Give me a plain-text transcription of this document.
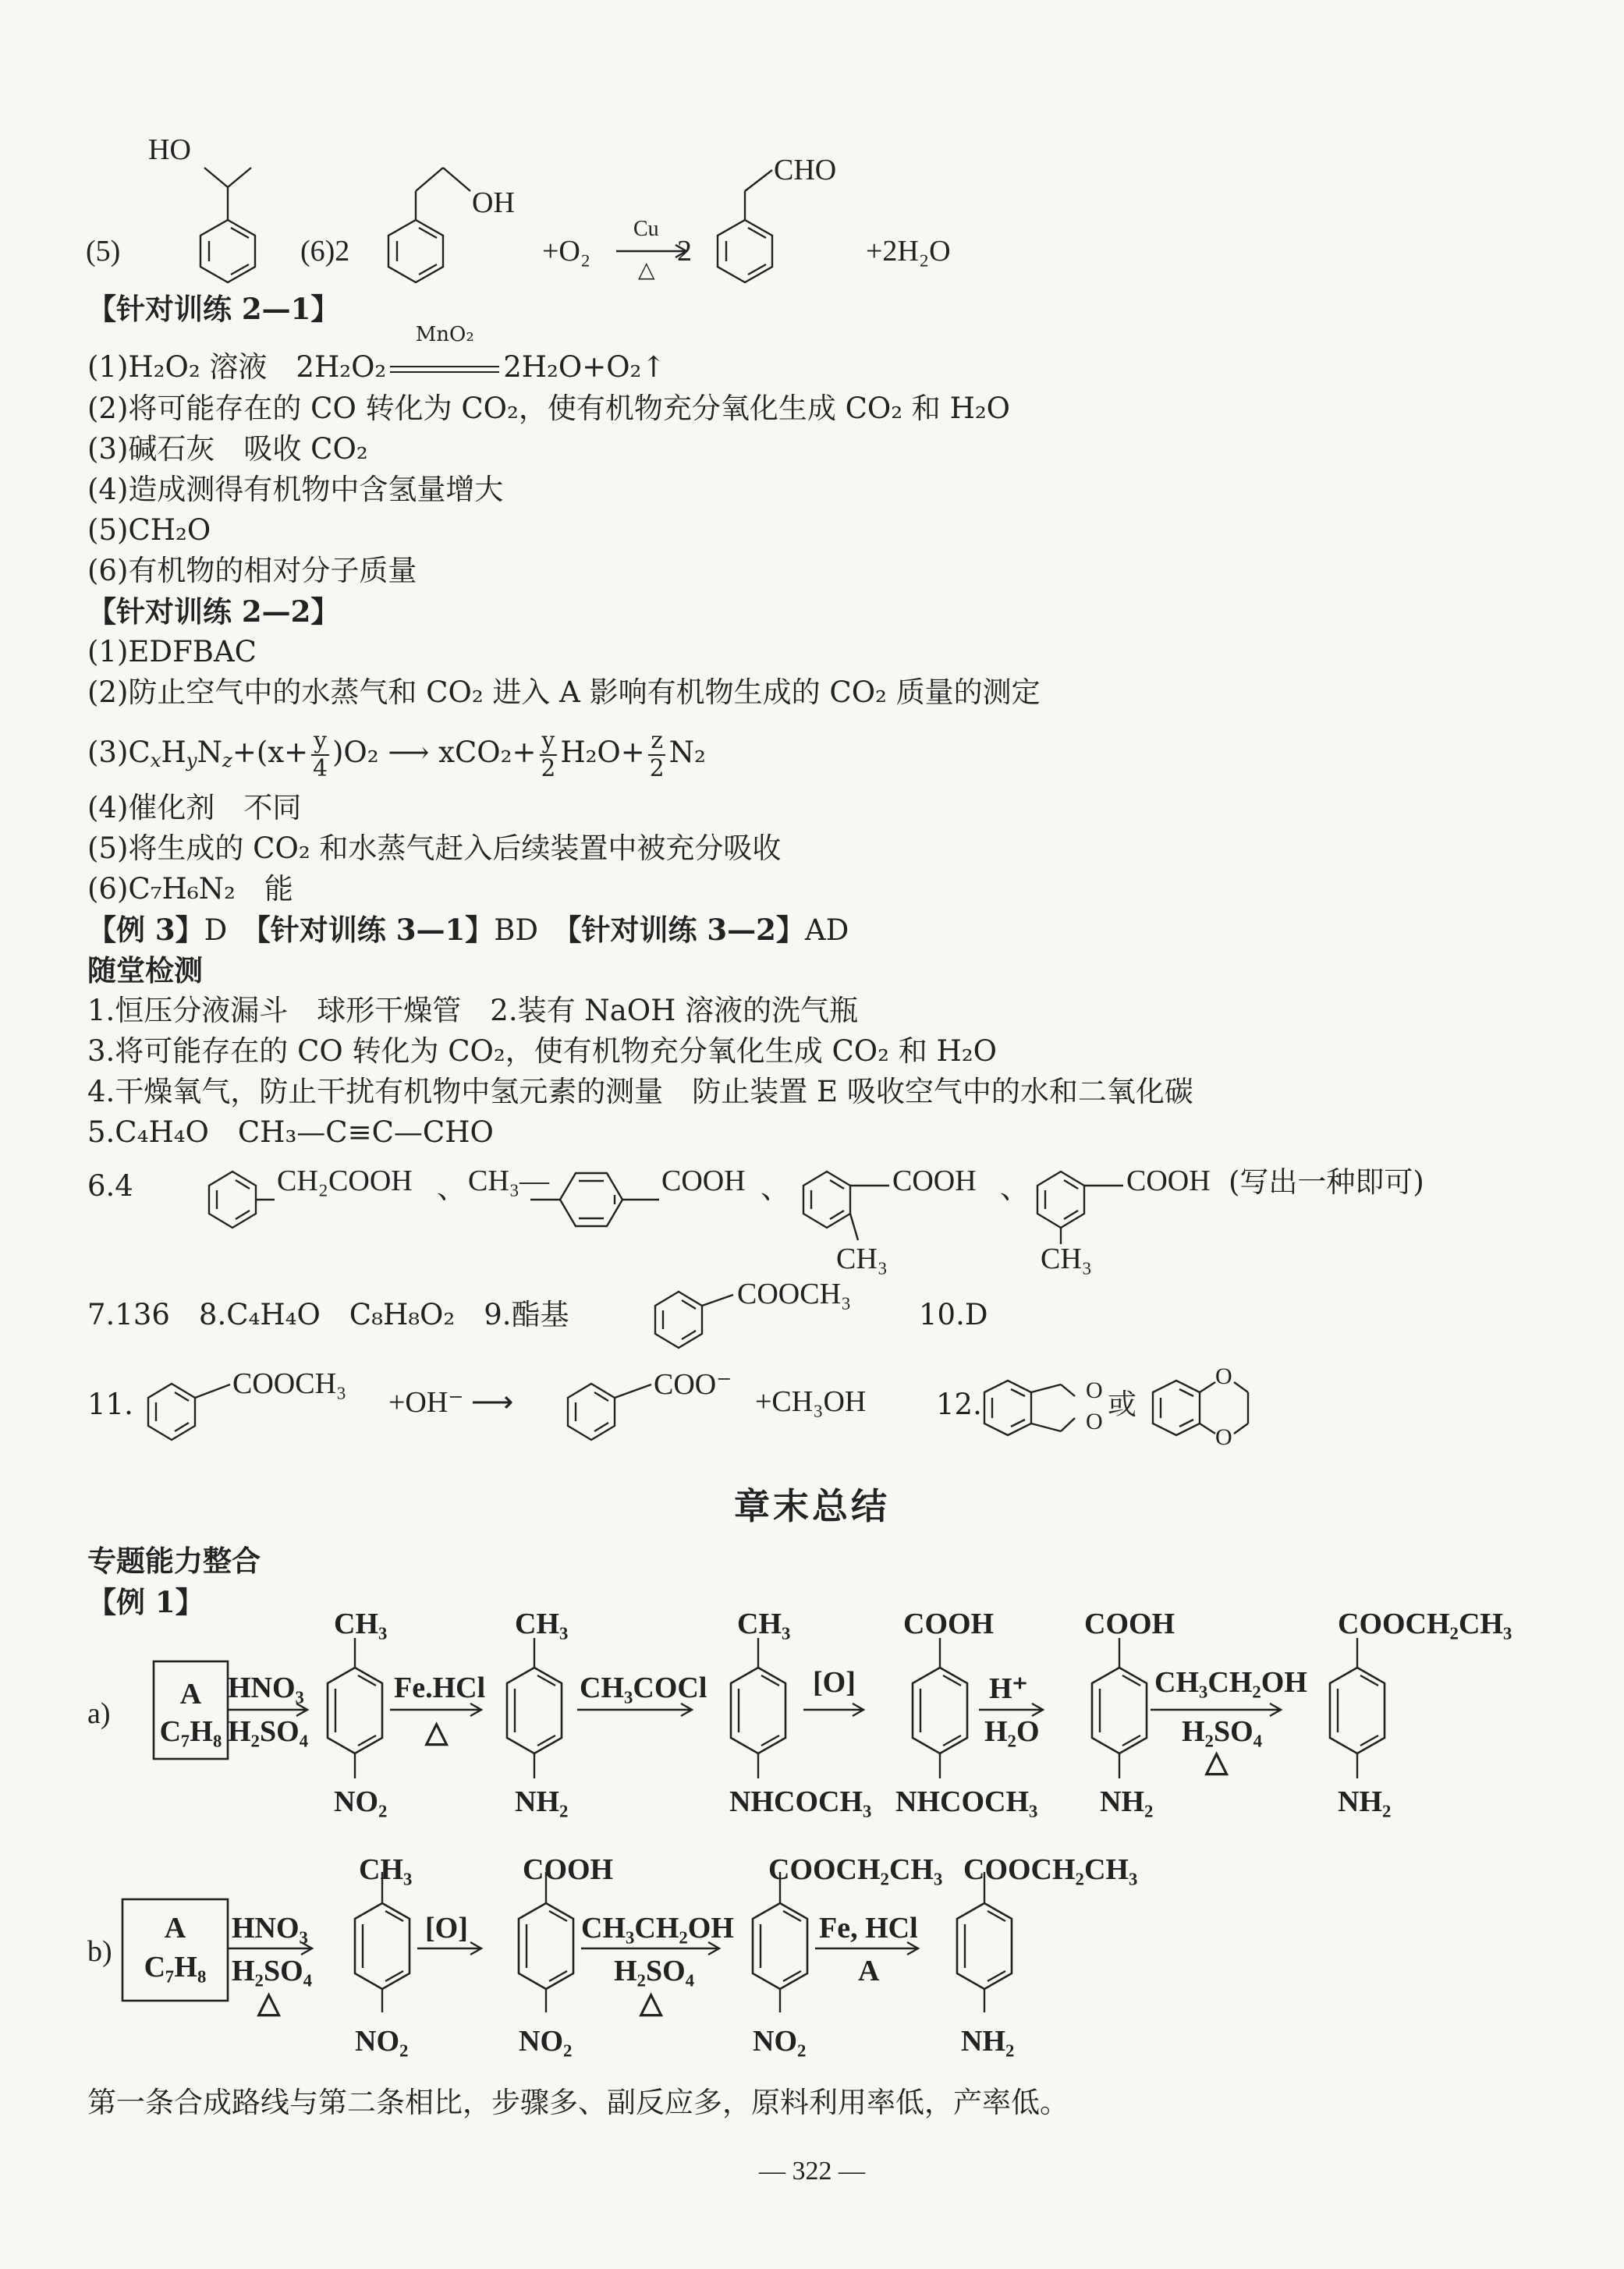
HO
OH
Cu
△
CHO
(5)	(6)2	+O₂	2	+2H₂O
【针对训练 2—1】
(1)H₂O₂ 溶液　2H₂O₂
MnO₂
2H₂O+O₂↑
(2)将可能存在的 CO 转化为 CO₂，使有机物充分氧化生成 CO₂ 和 H₂O
(3)碱石灰　吸收 CO₂
(4)造成测得有机物中含氢量增大
(5)CH₂O
(6)有机物的相对分子质量
【针对训练 2—2】
(1)EDFBAC
(2)防止空气中的水蒸气和 CO₂ 进入 A 影响有机物生成的 CO₂ 质量的测定
$(3)C_xH_yN_z+(x+ \frac{y}{4} )O_2$ ⟶ $xCO_2+ \frac{y}{2} H_2O+ \frac{z}{2} N_2$
(4)催化剂　不同
(5)将生成的 CO₂ 和水蒸气赶入后续装置中被充分吸收
(6)C₇H₆N₂　能
【例 3】D　【针对训练 3—1】BD　【针对训练 3—2】AD
随堂检测
1.恒压分液漏斗　球形干燥管　2.装有 NaOH 溶液的洗气瓶
3.将可能存在的 CO 转化为 CO₂，使有机物充分氧化生成 CO₂ 和 H₂O
4.干燥氧气，防止干扰有机物中氢元素的测量　防止装置 E 吸收空气中的水和二氧化碳
5.C₄H₄O　CH₃—C≡C—CHO
6.4	CH₂COOH 、 CH₃—	COOH 、	COOH
CH₃
、	COOH
CH₃
(写出一种即可)
7.136　8.C₄H₄O　C₈H₈O₂　9.酯基
COOCH₃
10.D
11.	O
O
O
O
COOCH₃
+OH⁻ ⟶
COO⁻
+CH₃OH 12.	或
章末总结
专题能力整合
【例 1】
a)
A
C₇H₈
HNO₃
H₂SO₄
CH₃
NO₂
Fe.HCl
△
CH₃
NH₂
CH₃COCl
CH₃
NHCOCH₃
[O]
COOH
NHCOCH₃
H⁺
H₂O
COOH
NH₂
CH₃CH₂OH
H₂SO₄
△
COOCH₂CH₃
NH₂
b)
A
C₇H₈
HNO₃
H₂SO₄
△
CH₃
NO₂
[O]
COOH
NO₂
CH₃CH₂OH
H₂SO₄
△
COOCH₂CH₃
NO₂
Fe, HCl
A
COOCH₂CH₃
NH₂
第一条合成路线与第二条相比，步骤多、副反应多，原料利用率低，产率低。
— 322 —
